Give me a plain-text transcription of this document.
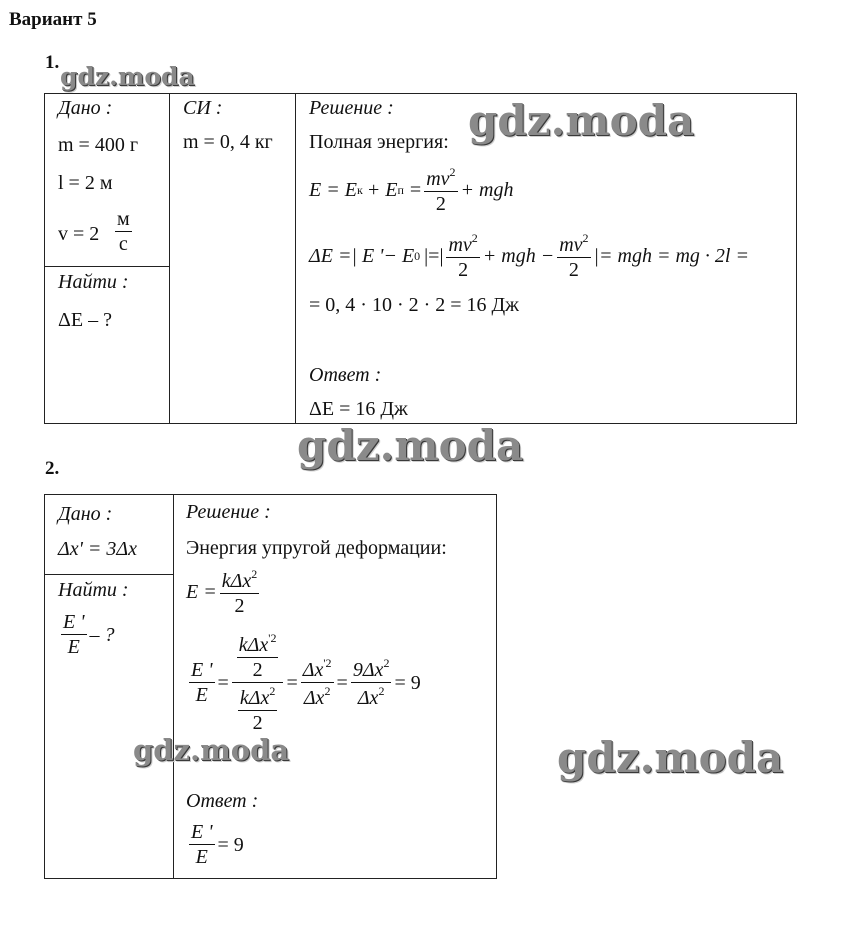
Вариант 5
gdz.moda
gdz.moda
gdz.moda
1.
Дано :
m = 400 г
l = 2 м
$v = 2 \frac{м}{с}$
Найти :
ΔE – ?
СИ :
m = 0, 4 кг
Решение :
Полная энергия:
E = E к + E $п = \frac{mv^2}{2}$ + mgh
ΔE =| E '− E 0 |=| $\frac{mv^2}{2}$ + mgh − $\frac{mv^2}{2}$ |= mgh = mg · 2l =
= 0, 4 · 10 · 2 · 2 = 16 Дж
Ответ :
ΔE = 16 Дж
2.
Дано :
Δx' = 3Δx
Найти :
$\frac{E '}{E}$ – ?
Решение :
Энергия упругой деформации:
$E = \frac{k\Delta x^2}{2}$
$\frac{E '}{E} = \frac{\frac{k\Delta x^{'2}}{2}}{\frac{k\Delta x^2}{2}} = \frac{\Delta x^{'2}}{\Delta x^2} = \frac{9\Delta x^2}{\Delta x^2} = 9$
Ответ :
$\frac{E '}{E} = 9$
gdz.moda	gdz.moda
